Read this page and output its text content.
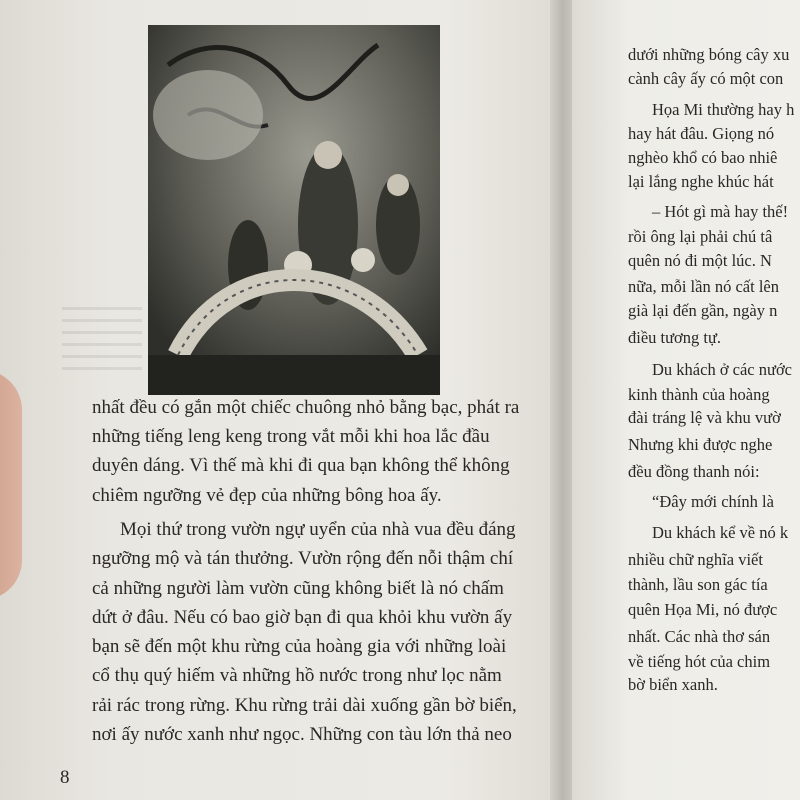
nhất đều có gắn một chiếc chuông nhỏ bằng bạc, phát ra
những tiếng leng keng trong vắt mỗi khi hoa lắc đầu
duyên dáng. Vì thế mà khi đi qua bạn không thể không
chiêm ngưỡng vẻ đẹp của những bông hoa ấy.
Mọi thứ trong vườn ngự uyển của nhà vua đều đáng
ngưỡng mộ và tán thưởng. Vườn rộng đến nỗi thậm chí
cả những người làm vườn cũng không biết là nó chấm
dứt ở đâu. Nếu có bao giờ bạn đi qua khỏi khu vườn ấy
bạn sẽ đến một khu rừng của hoàng gia với những loài
cổ thụ quý hiếm và những hồ nước trong như lọc nằm
rải rác trong rừng. Khu rừng trải dài xuống gần bờ biển,
nơi ấy nước xanh như ngọc. Những con tàu lớn thả neo
8
dưới những bóng cây xu
cành cây ấy có một con
Họa Mi thường hay h
hay hát đâu. Giọng nó
nghèo khổ có bao nhiê
lại lắng nghe khúc hát
– Hót gì mà hay thế!
rồi ông lại phải chú tâ
quên nó đi một lúc. N
nữa, mỗi lần nó cất lên
già lại đến gần, ngày n
điều tương tự.
Du khách ở các nước
kinh thành của hoàng
đài tráng lệ và khu vườ
Nhưng khi được nghe
đều đồng thanh nói:
“Đây mới chính là
Du khách kể về nó k
nhiều chữ nghĩa viết
thành, lầu son gác tía
quên Họa Mi, nó được
nhất. Các nhà thơ sán
về tiếng hót của chim
bờ biển xanh.
